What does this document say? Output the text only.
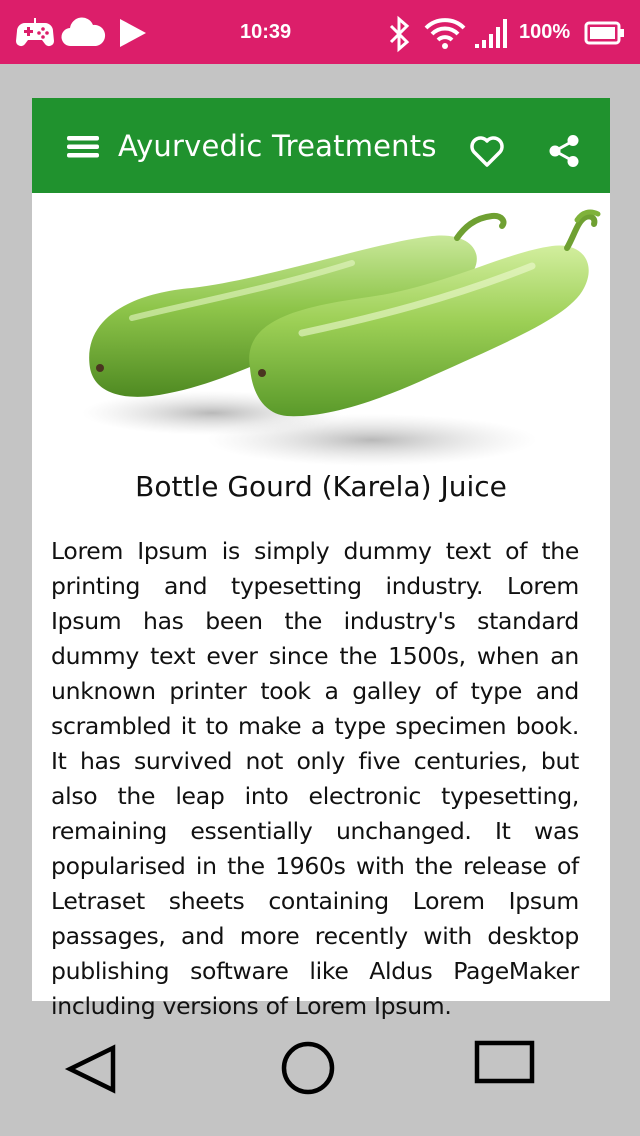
10:39	100%
Ayurvedic Treatments
Bottle Gourd (Karela) Juice
Lorem Ipsum is simply dummy text of the printing and typesetting industry. Lorem Ipsum has been the industry's standard dummy text ever since the 1500s, when an unknown printer took a galley of type and scrambled it to make a type specimen book. It has survived not only five centuries, but also the leap into electronic typesetting, remaining essentially unchanged. It was popularised in the 1960s with the release of Letraset sheets containing Lorem Ipsum passages, and more recently with desktop publishing software like Aldus PageMaker including versions of Lorem Ipsum.
